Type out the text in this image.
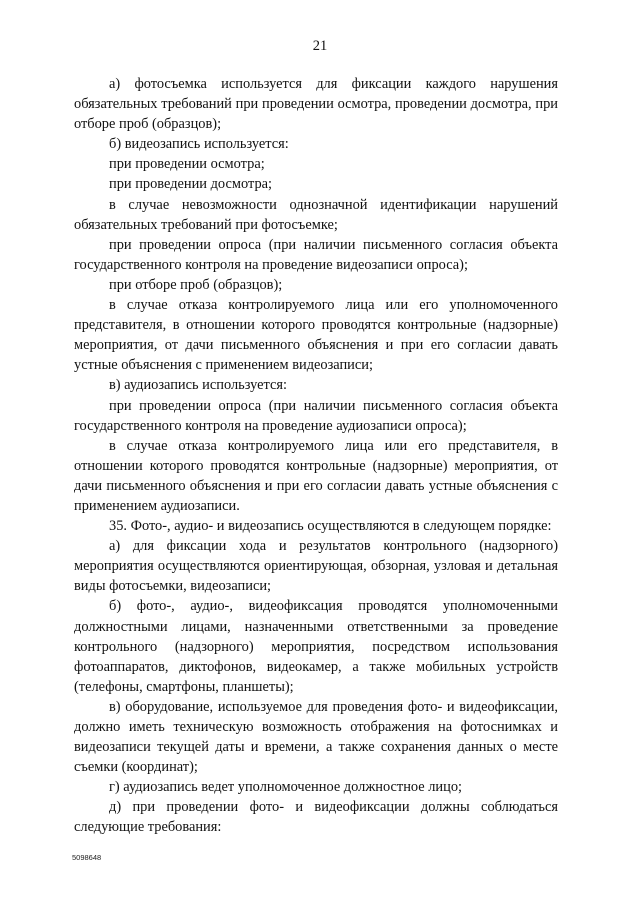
21

а) фотосъемка используется для фиксации каждого нарушения обязательных требований при проведении осмотра, проведении досмотра, при отборе проб (образцов);

б) видеозапись используется:

при проведении осмотра;

при проведении досмотра;

в случае невозможности однозначной идентификации нарушений обязательных требований при фотосъемке;

при проведении опроса (при наличии письменного согласия объекта государственного контроля на проведение видеозаписи опроса);

при отборе проб (образцов);

в случае отказа контролируемого лица или его уполномоченного представителя, в отношении которого проводятся контрольные (надзорные) мероприятия, от дачи письменного объяснения и при его согласии давать устные объяснения с применением видеозаписи;

в) аудиозапись используется:

при проведении опроса (при наличии письменного согласия объекта государственного контроля на проведение аудиозаписи опроса);

в случае отказа контролируемого лица или его представителя, в отношении которого проводятся контрольные (надзорные) мероприятия, от дачи письменного объяснения и при его согласии давать устные объяснения с применением аудиозаписи.

35. Фото-, аудио- и видеозапись осуществляются в следующем порядке:

а) для фиксации хода и результатов контрольного (надзорного) мероприятия осуществляются ориентирующая, обзорная, узловая и детальная виды фотосъемки, видеозаписи;

б) фото-, аудио-, видеофиксация проводятся уполномоченными должностными лицами, назначенными ответственными за проведение контрольного (надзорного) мероприятия, посредством использования фотоаппаратов, диктофонов, видеокамер, а также мобильных устройств (телефоны, смартфоны, планшеты);

в) оборудование, используемое для проведения фото- и видеофиксации, должно иметь техническую возможность отображения на фотоснимках и видеозаписи текущей даты и времени, а также сохранения данных о месте съемки (координат);

г) аудиозапись ведет уполномоченное должностное лицо;

д) при проведении фото- и видеофиксации должны соблюдаться следующие требования:

5098648
